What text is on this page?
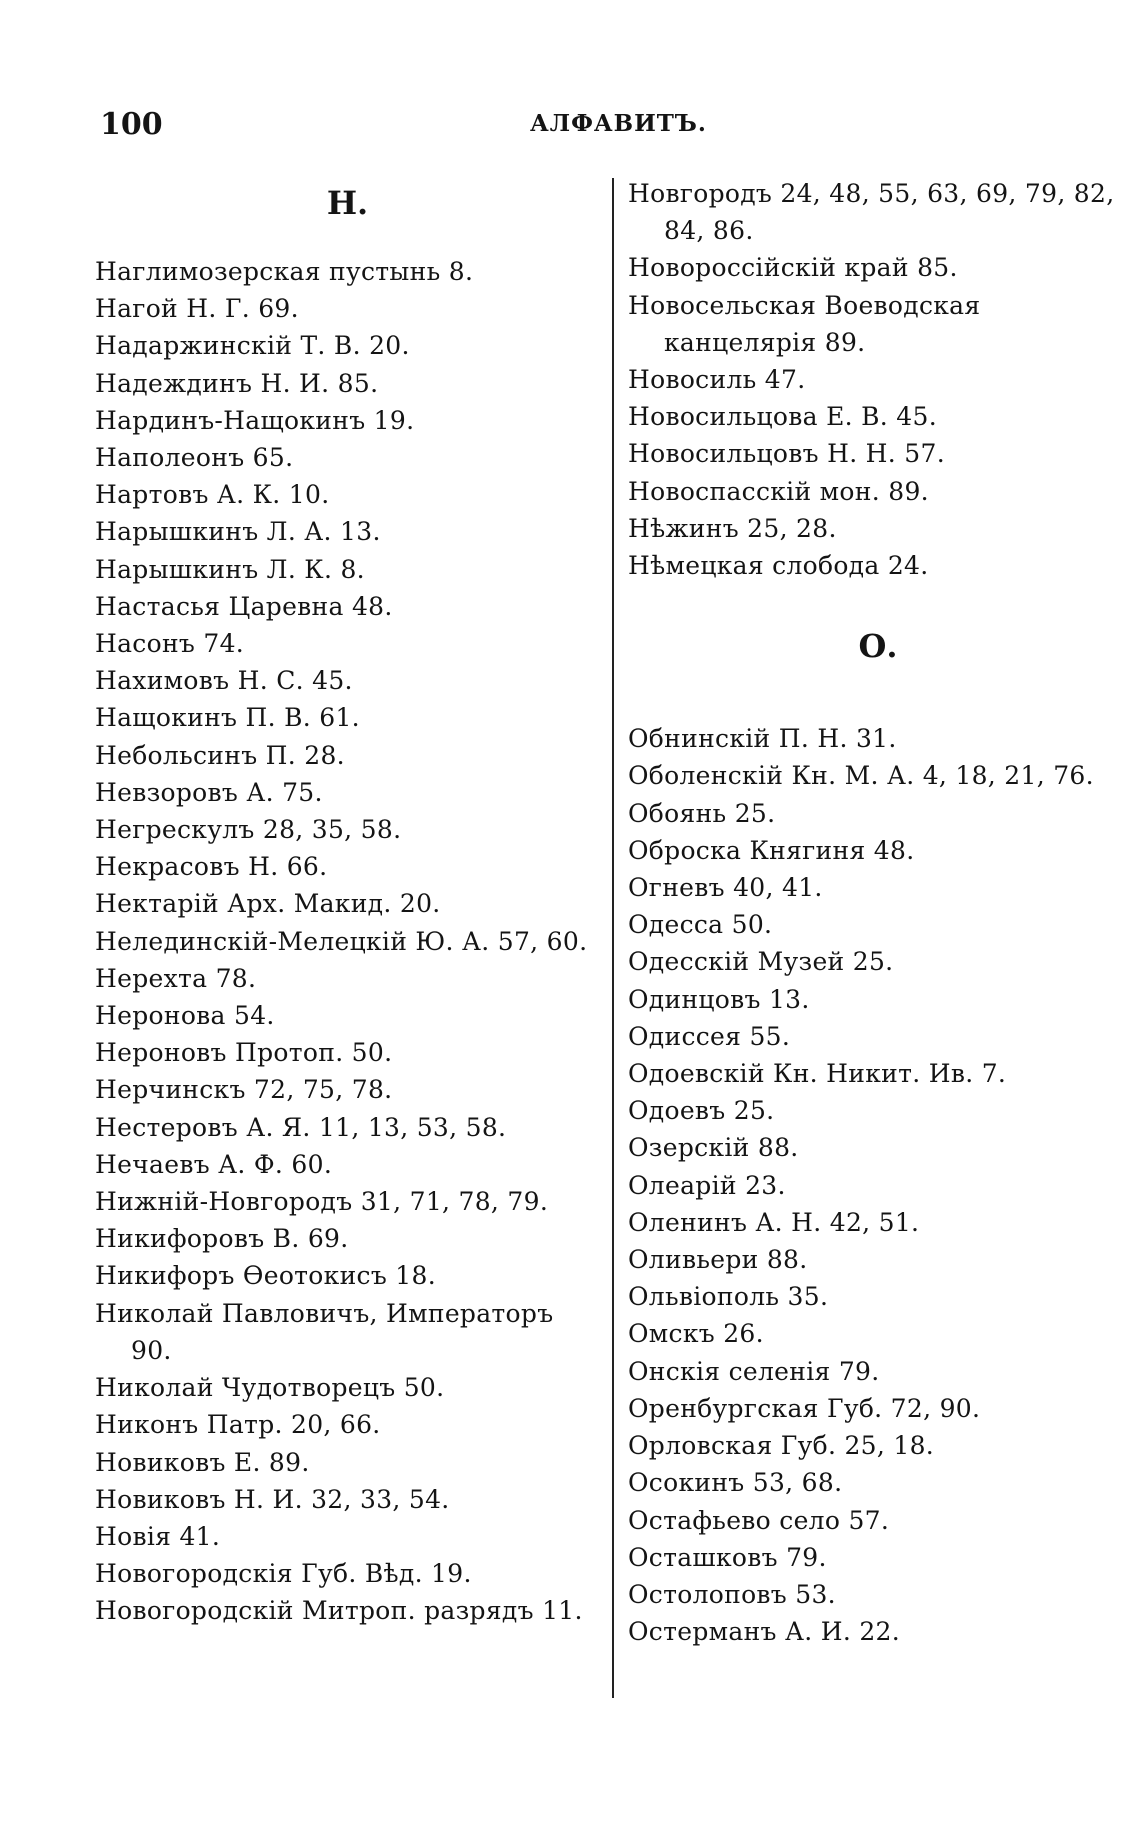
100	АЛФАВИТЪ.
Н.
Наглимозерская пустынь 8.
Нагой Н. Г. 69.
Надаржинскій Т. В. 20.
Надеждинъ Н. И. 85.
Нардинъ-Нащокинъ 19.
Наполеонъ 65.
Нартовъ А. К. 10.
Нарышкинъ Л. А. 13.
Нарышкинъ Л. К. 8.
Настасья Царевна 48.
Насонъ 74.
Нахимовъ Н. С. 45.
Нащокинъ П. В. 61.
Небольсинъ П. 28.
Невзоровъ А. 75.
Негрескулъ 28, 35, 58.
Некрасовъ Н. 66.
Нектарій Арх. Макид. 20.
Нелединскій-Мелецкій Ю. А. 57, 60.
Нерехта 78.
Неронова 54.
Нероновъ Протоп. 50.
Нерчинскъ 72, 75, 78.
Нестеровъ А. Я. 11, 13, 53, 58.
Нечаевъ А. Ф. 60.
Нижній-Новгородъ 31, 71, 78, 79.
Никифоровъ В. 69.
Никифоръ Ѳеотокисъ 18.
Николай Павловичъ, Императоръ 90.
Николай Чудотворецъ 50.
Никонъ Патр. 20, 66.
Новиковъ Е. 89.
Новиковъ Н. И. 32, 33, 54.
Новія 41.
Новогородскія Губ. Вѣд. 19.
Новогородскій Митроп. разрядъ 11.
Новгородъ 24, 48, 55, 63, 69, 79, 82, 84, 86.
Новороссійскій край 85.
Новосельская Воеводская канцелярія 89.
Новосиль 47.
Новосильцова Е. В. 45.
Новосильцовъ Н. Н. 57.
Новоспасскій мон. 89.
Нѣжинъ 25, 28.
Нѣмецкая слобода 24.
О.
Обнинскій П. Н. 31.
Оболенскій Кн. М. А. 4, 18, 21, 76.
Обоянь 25.
Оброска Княгиня 48.
Огневъ 40, 41.
Одесса 50.
Одесскій Музей 25.
Одинцовъ 13.
Одиссея 55.
Одоевскій Кн. Никит. Ив. 7.
Одоевъ 25.
Озерскій 88.
Олеарій 23.
Оленинъ А. Н. 42, 51.
Оливьери 88.
Ольвіополь 35.
Омскъ 26.
Онскія селенія 79.
Оренбургская Губ. 72, 90.
Орловская Губ. 25, 18.
Осокинъ 53, 68.
Остафьево село 57.
Осташковъ 79.
Остолоповъ 53.
Остерманъ А. И. 22.
